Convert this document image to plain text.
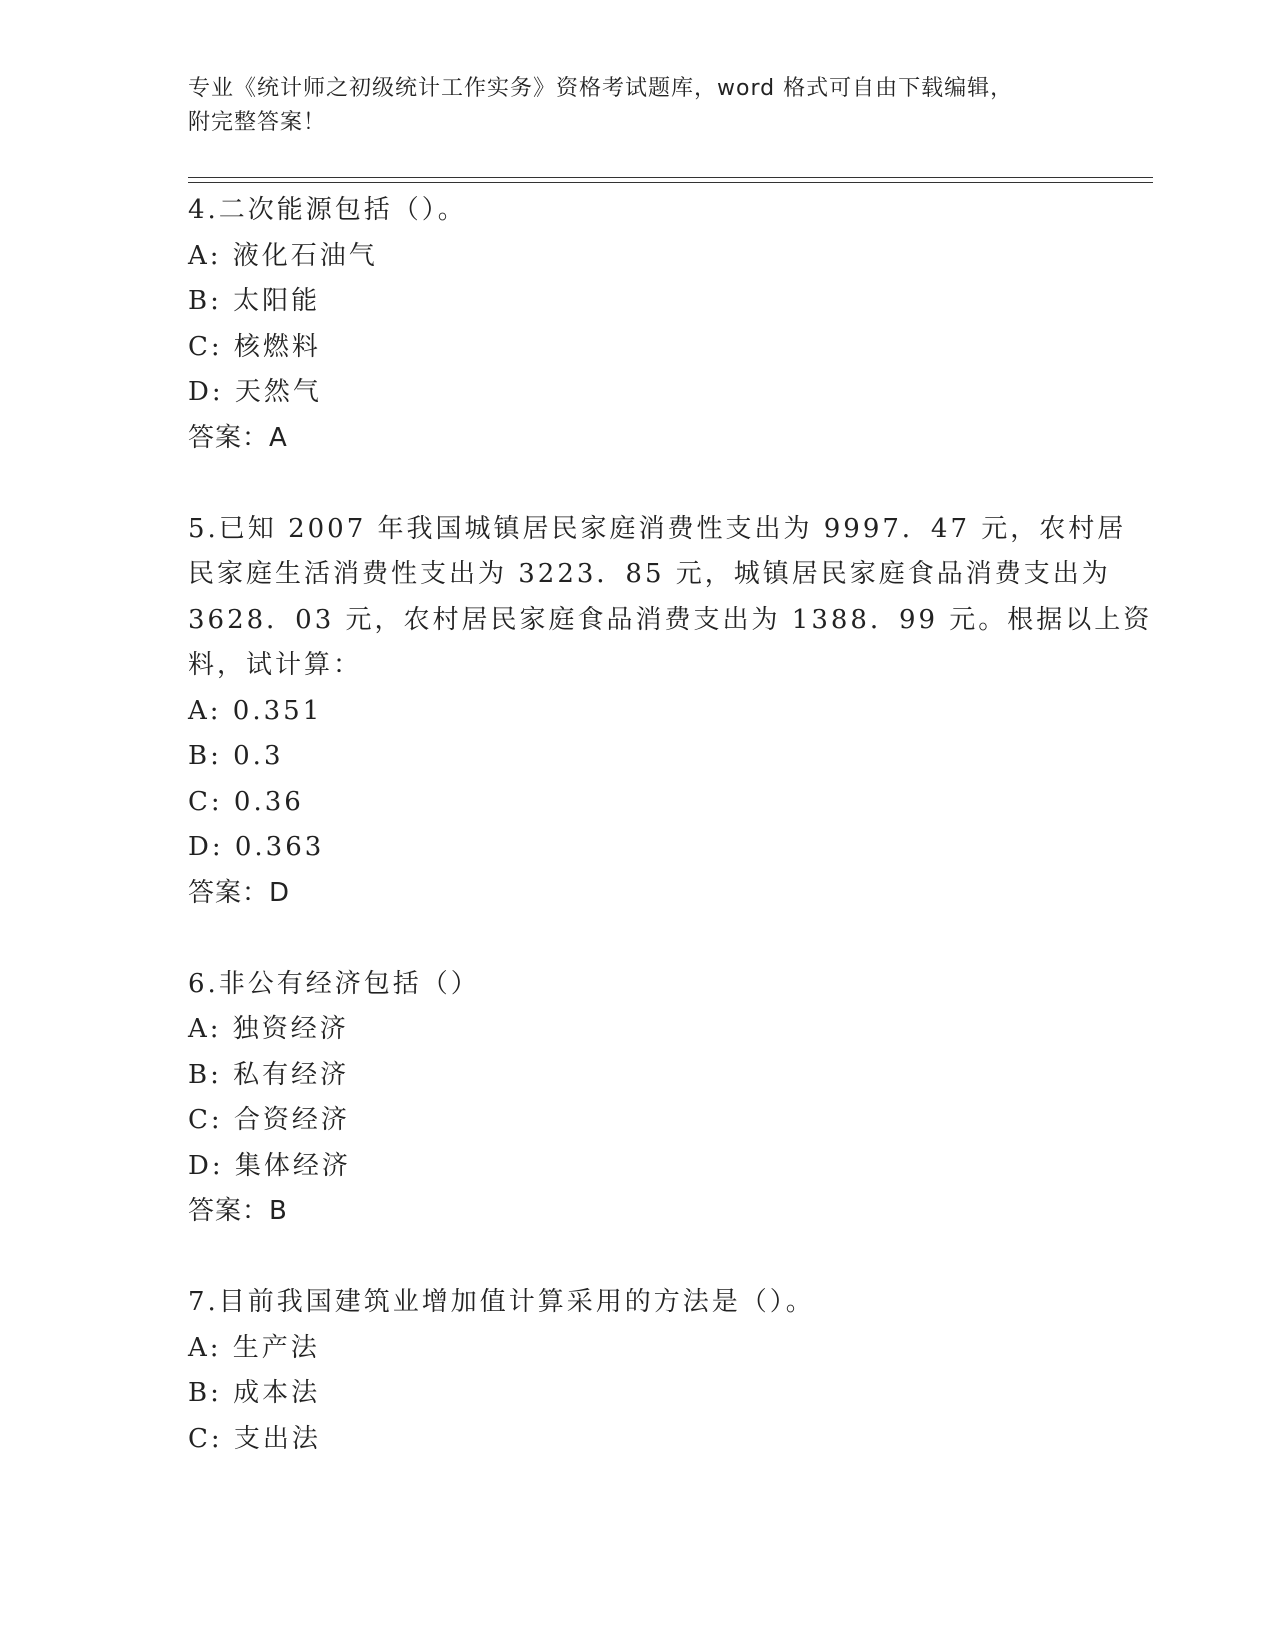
专业《统计师之初级统计工作实务》资格考试题库，word 格式可自由下载编辑，
附完整答案！
4.二次能源包括（）。
A: 液化石油气
B: 太阳能
C: 核燃料
D: 天然气
答案：A
5.已知 2007 年我国城镇居民家庭消费性支出为 9997．47 元，农村居
民家庭生活消费性支出为 3223．85 元，城镇居民家庭食品消费支出为
3628．03 元，农村居民家庭食品消费支出为 1388．99 元。根据以上资
料，试计算：
A: 0.351
B: 0.3
C: 0.36
D: 0.363
答案：D
6.非公有经济包括（）
A: 独资经济
B: 私有经济
C: 合资经济
D: 集体经济
答案：B
7.目前我国建筑业增加值计算采用的方法是（）。
A: 生产法
B: 成本法
C: 支出法
